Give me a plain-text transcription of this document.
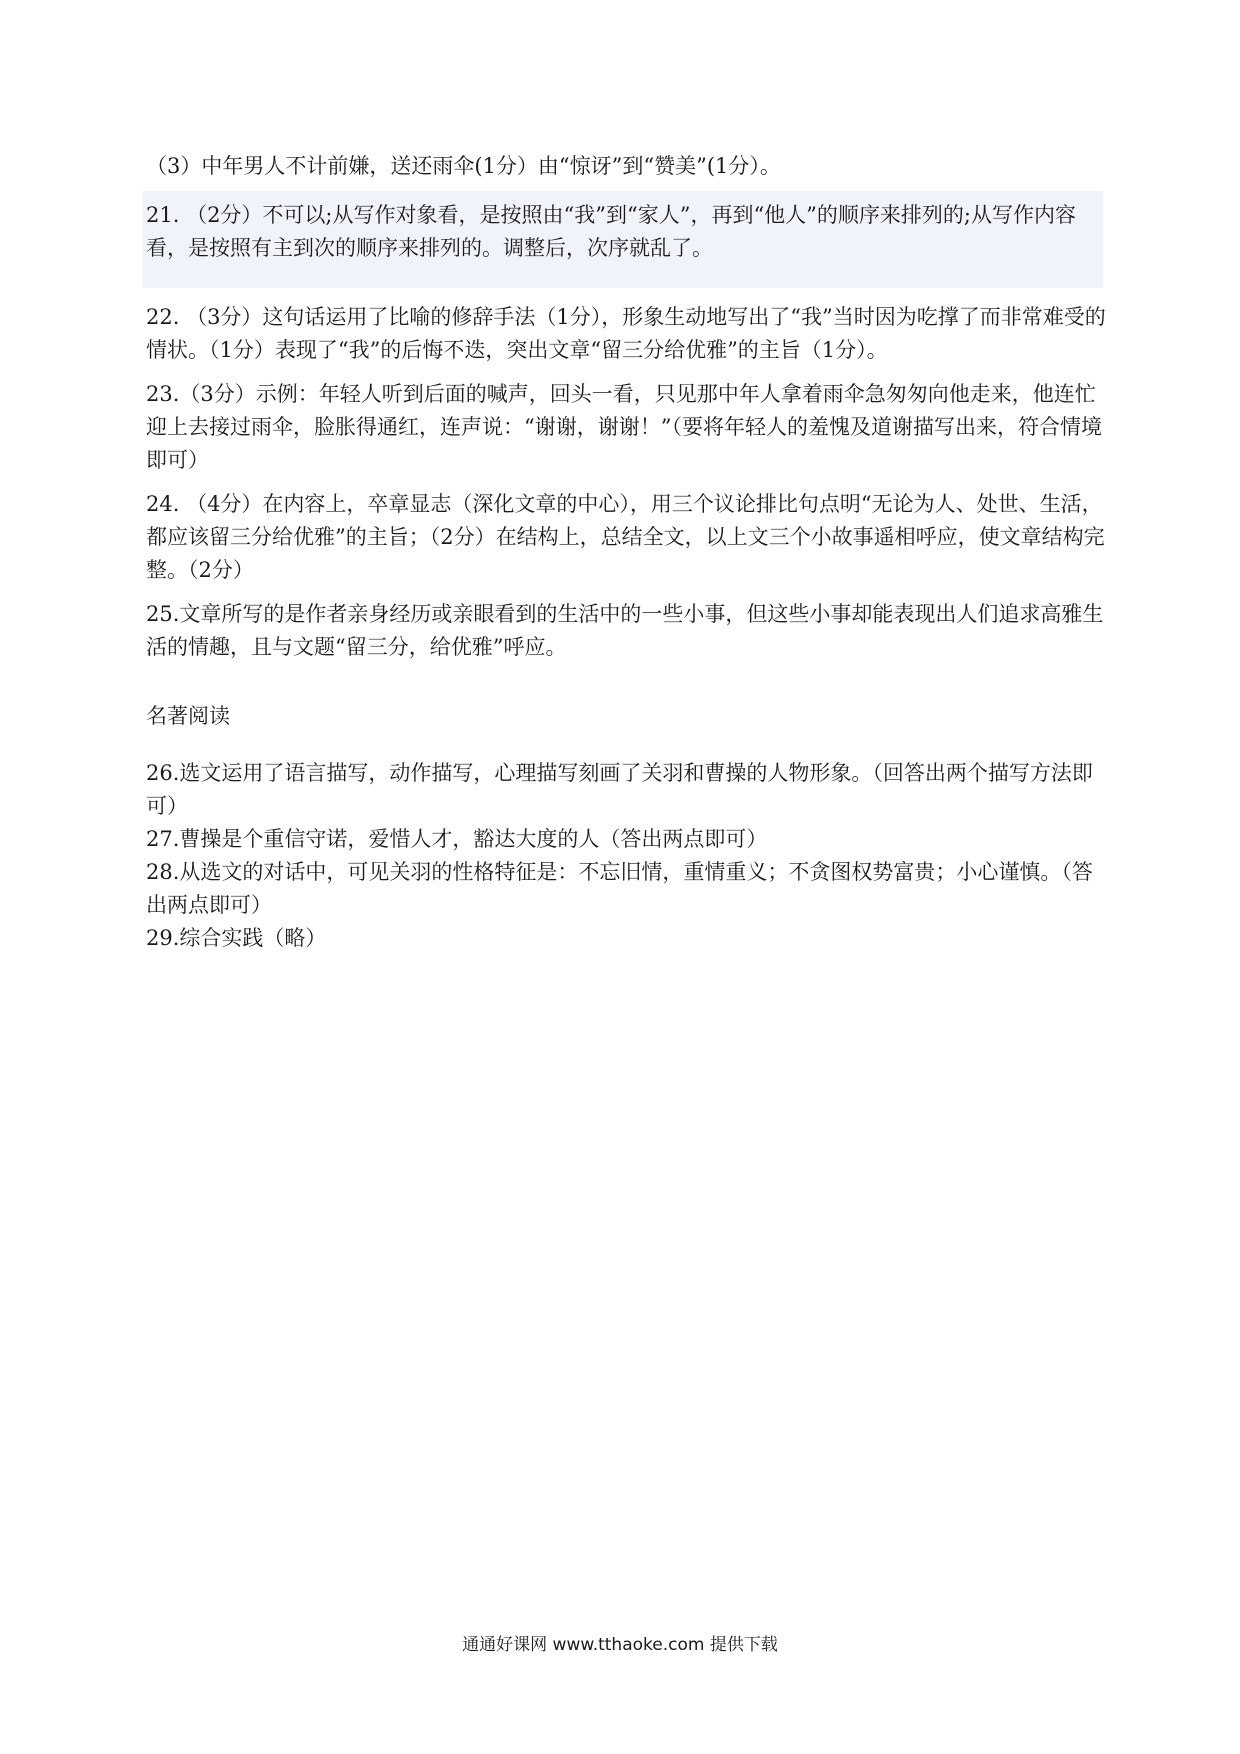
（3）中年男人不计前嫌，送还雨伞(1分）由“惊讶”到“赞美”(1分）。

21. （2分）不可以;从写作对象看，是按照由“我”到“家人”，再到“他人”的顺序来排列的;从写作内容看，是按照有主到次的顺序来排列的。调整后，次序就乱了。

22. （3分）这句话运用了比喻的修辞手法（1分），形象生动地写出了“我”当时因为吃撑了而非常难受的情状。（1分）表现了“我”的后悔不迭，突出文章“留三分给优雅”的主旨（1分）。

23.（3分）示例：年轻人听到后面的喊声，回头一看，只见那中年人拿着雨伞急匆匆向他走来，他连忙迎上去接过雨伞，脸胀得通红，连声说：“谢谢，谢谢！”（要将年轻人的羞愧及道谢描写出来，符合情境即可）

24. （4分）在内容上，卒章显志（深化文章的中心），用三个议论排比句点明“无论为人、处世、生活，都应该留三分给优雅”的主旨；（2分）在结构上，总结全文，以上文三个小故事遥相呼应，使文章结构完整。（2分）

25.文章所写的是作者亲身经历或亲眼看到的生活中的一些小事，但这些小事却能表现出人们追求高雅生活的情趣，且与文题“留三分，给优雅”呼应。

名著阅读

26.选文运用了语言描写，动作描写，心理描写刻画了关羽和曹操的人物形象。（回答出两个描写方法即可）

27.曹操是个重信守诺，爱惜人才，豁达大度的人（答出两点即可）

28.从选文的对话中，可见关羽的性格特征是：不忘旧情，重情重义；不贪图权势富贵；小心谨慎。（答出两点即可）

29.综合实践（略）

通通好课网 www.tthaoke.com 提供下载
